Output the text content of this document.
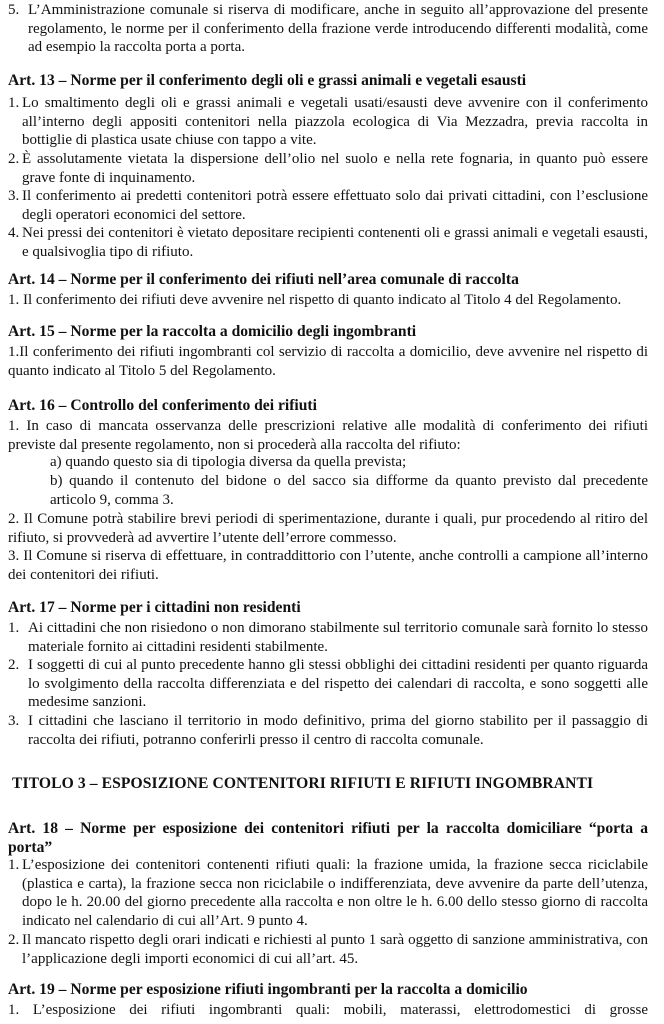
5. L’Amministrazione comunale si riserva di modificare, anche in seguito all’approvazione del presente regolamento, le norme per il conferimento della frazione verde introducendo differenti modalità, come ad esempio la raccolta porta a porta.
Art. 13 – Norme per il conferimento degli oli e grassi animali e vegetali esausti
1. Lo smaltimento degli oli e grassi animali e vegetali usati/esausti deve avvenire con il conferimento all’interno degli appositi contenitori nella piazzola ecologica di Via Mezzadra, previa raccolta in bottiglie di plastica usate chiuse con tappo a vite.
2. È assolutamente vietata la dispersione dell’olio nel suolo e nella rete fognaria, in quanto può essere grave fonte di inquinamento.
3. Il conferimento ai predetti contenitori potrà essere effettuato solo dai privati cittadini, con l’esclusione degli operatori economici del settore.
4. Nei pressi dei contenitori è vietato depositare recipienti contenenti oli e grassi animali e vegetali esausti, e qualsivoglia tipo di rifiuto.
Art. 14 – Norme per il conferimento dei rifiuti nell’area comunale di raccolta
1. Il conferimento dei rifiuti deve avvenire nel rispetto di quanto indicato al Titolo 4 del Regolamento.
Art. 15 – Norme per la raccolta a domicilio degli ingombranti
1.Il conferimento dei rifiuti ingombranti col servizio di raccolta a domicilio, deve avvenire nel rispetto di quanto indicato al Titolo 5 del Regolamento.
Art. 16 – Controllo del conferimento dei rifiuti
1. In caso di mancata osservanza delle prescrizioni relative alle modalità di conferimento dei rifiuti previste dal presente regolamento, non si procederà alla raccolta del rifiuto:
a) quando questo sia di tipologia diversa da quella prevista;
b) quando il contenuto del bidone o del sacco sia difforme da quanto previsto dal precedente articolo 9, comma 3.
2. Il Comune potrà stabilire brevi periodi di sperimentazione, durante i quali, pur procedendo al ritiro del rifiuto, si provvederà ad avvertire l’utente dell’errore commesso.
3. Il Comune si riserva di effettuare, in contraddittorio con l’utente, anche controlli a campione all’interno dei contenitori dei rifiuti.
Art. 17 – Norme per i cittadini non residenti
1. Ai cittadini che non risiedono o non dimorano stabilmente sul territorio comunale sarà fornito lo stesso materiale fornito ai cittadini residenti stabilmente.
2. I soggetti di cui al punto precedente hanno gli stessi obblighi dei cittadini residenti per quanto riguarda lo svolgimento della raccolta differenziata e del rispetto dei calendari di raccolta, e sono soggetti alle medesime sanzioni.
3. I cittadini che lasciano il territorio in modo definitivo, prima del giorno stabilito per il passaggio di raccolta dei rifiuti, potranno conferirli presso il centro di raccolta comunale.
TITOLO 3 – ESPOSIZIONE CONTENITORI RIFIUTI E RIFIUTI INGOMBRANTI
Art. 18 – Norme per esposizione dei contenitori rifiuti per la raccolta domiciliare “porta a porta”
1. L’esposizione dei contenitori contenenti rifiuti quali: la frazione umida, la frazione secca riciclabile (plastica e carta), la frazione secca non riciclabile o indifferenziata, deve avvenire da parte dell’utenza, dopo le h. 20.00 del giorno precedente alla raccolta e non oltre le h. 6.00 dello stesso giorno di raccolta indicato nel calendario di cui all’Art. 9 punto 4.
2. Il mancato rispetto degli orari indicati e richiesti al punto 1 sarà oggetto di sanzione amministrativa, con l’applicazione degli importi economici di cui all’art. 45.
Art. 19 – Norme per esposizione rifiuti ingombranti per la raccolta a domicilio
1. L’esposizione dei rifiuti ingombranti quali: mobili, materassi, elettrodomestici di grosse
